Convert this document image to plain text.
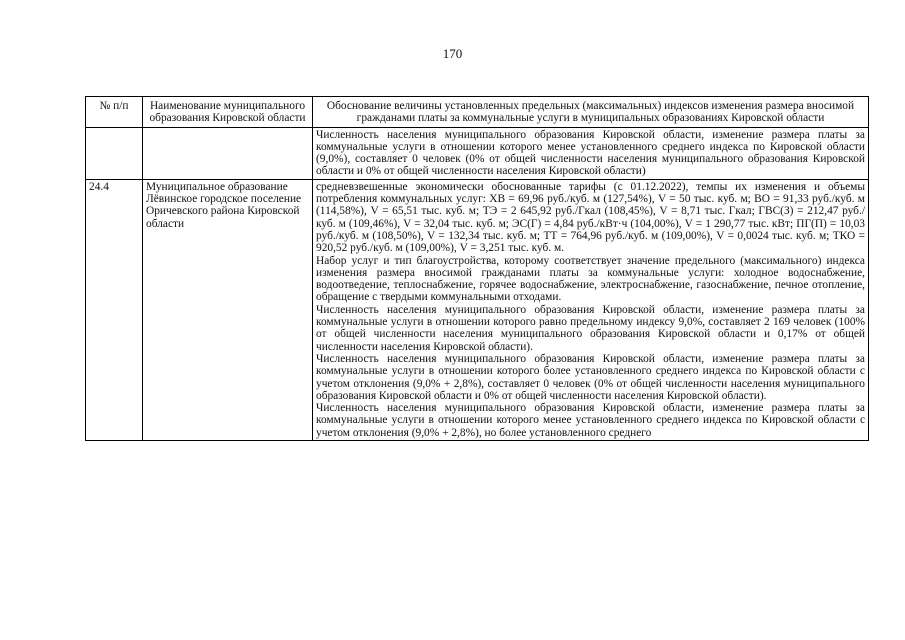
170
№ п/п	Наименование муниципального образования Кировской области	Обоснование величины установленных предельных (максимальных) индексов изменения размера вносимой гражданами платы за коммунальные услуги в муниципальных образованиях Кировской области

		Численность населения муниципального образования Кировской области, изменение размера платы за коммунальные услуги в отношении которого менее установленного среднего индекса по Кировской области (9,0%), составляет 0 человек (0% от общей численности населения муниципального образования Кировской области и 0% от общей численности населения Кировской области)

24.4	Муниципальное образование Лёвинское городское поселение Оричевского района Кировской области	средневзвешенные экономически обоснованные тарифы (с 01.12.2022), темпы их изменения и объемы потребления коммунальных услуг: ХВ = 69,96 руб./куб. м (127,54%), V = 50 тыс. куб. м; ВО = 91,33 руб./куб. м (114,58%), V = 65,51 тыс. куб. м; ТЭ = 2 645,92 руб./Гкал (108,45%), V = 8,71 тыс. Гкал; ГВС(З) = 212,47 руб./куб. м (109,46%), V = 32,04 тыс. куб. м; ЭС(Г) = 4,84 руб./кВт·ч (104,00%), V = 1 290,77 тыс. кВт; ПГ(П) = 10,03 руб./куб. м (108,50%), V = 132,34 тыс. куб. м; ТТ = 764,96 руб./куб. м (109,00%), V = 0,0024 тыс. куб. м; ТКО = 920,52 руб./куб. м (109,00%), V = 3,251 тыс. куб. м.

Набор услуг и тип благоустройства, которому соответствует значение предельного (максимального) индекса изменения размера вносимой гражданами платы за коммунальные услуги: холодное водоснабжение, водоотведение, теплоснабжение, горячее водоснабжение, электроснабжение, газоснабжение, печное отопление, обращение с твердыми коммунальными отходами.

Численность населения муниципального образования Кировской области, изменение размера платы за коммунальные услуги в отношении которого равно предельному индексу 9,0%, составляет 2 169 человек (100% от общей численности населения муниципального образования Кировской области и 0,17% от общей численности населения Кировской области).

Численность населения муниципального образования Кировской области, изменение размера платы за коммунальные услуги в отношении которого более установленного среднего индекса по Кировской области с учетом отклонения (9,0% + 2,8%), составляет 0 человек (0% от общей численности населения муниципального образования Кировской области и 0% от общей численности населения Кировской области).

Численность населения муниципального образования Кировской области, изменение размера платы за коммунальные услуги в отношении которого менее установленного среднего индекса по Кировской области с учетом отклонения (9,0% + 2,8%), но более установленного среднего
